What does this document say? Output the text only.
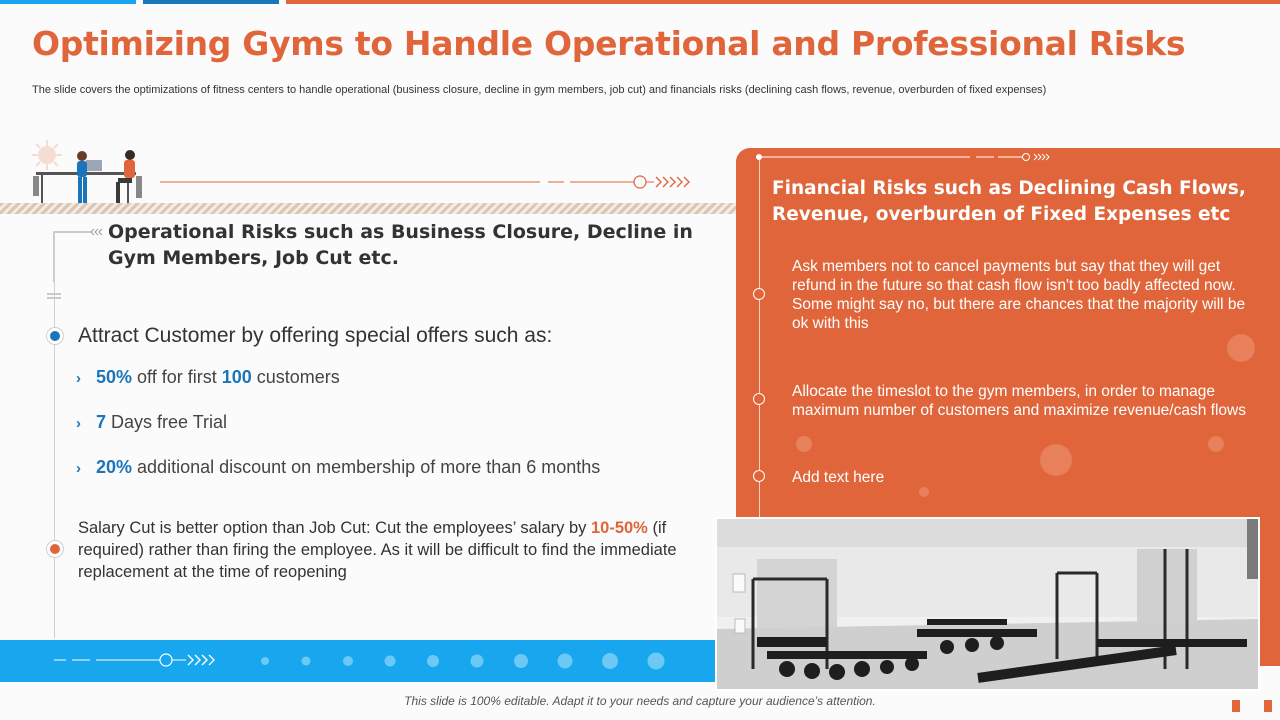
Optimizing Gyms to Handle Operational and Professional Risks

The slide covers the optimizations of fitness centers to handle operational (business closure, decline in gym members, job cut) and financials risks (declining cash flows, revenue, overburden of fixed expenses)

Operational Risks such as Business Closure, Decline in Gym Members, Job Cut etc.
Attract Customer by offering special offers such as:
› 50% off for first 100 customers
› 7 Days free Trial
› 20% additional discount on membership of more than 6 months
Salary Cut is better option than Job Cut: Cut the employees’ salary by 10-50% (if required) rather than firing the employee. As it will be difficult to find the immediate replacement at the time of reopening
Financial Risks such as Declining Cash Flows, Revenue, overburden of Fixed Expenses etc
Ask members not to cancel payments but say that they will get refund in the future so that cash flow isn't too badly affected now. Some might say no, but there are chances that the majority will be ok with this
Allocate the timeslot to the gym members, in order to manage maximum number of customers and maximize revenue/cash flows
Add text here
This slide is 100% editable. Adapt it to your needs and capture your audience’s attention.
